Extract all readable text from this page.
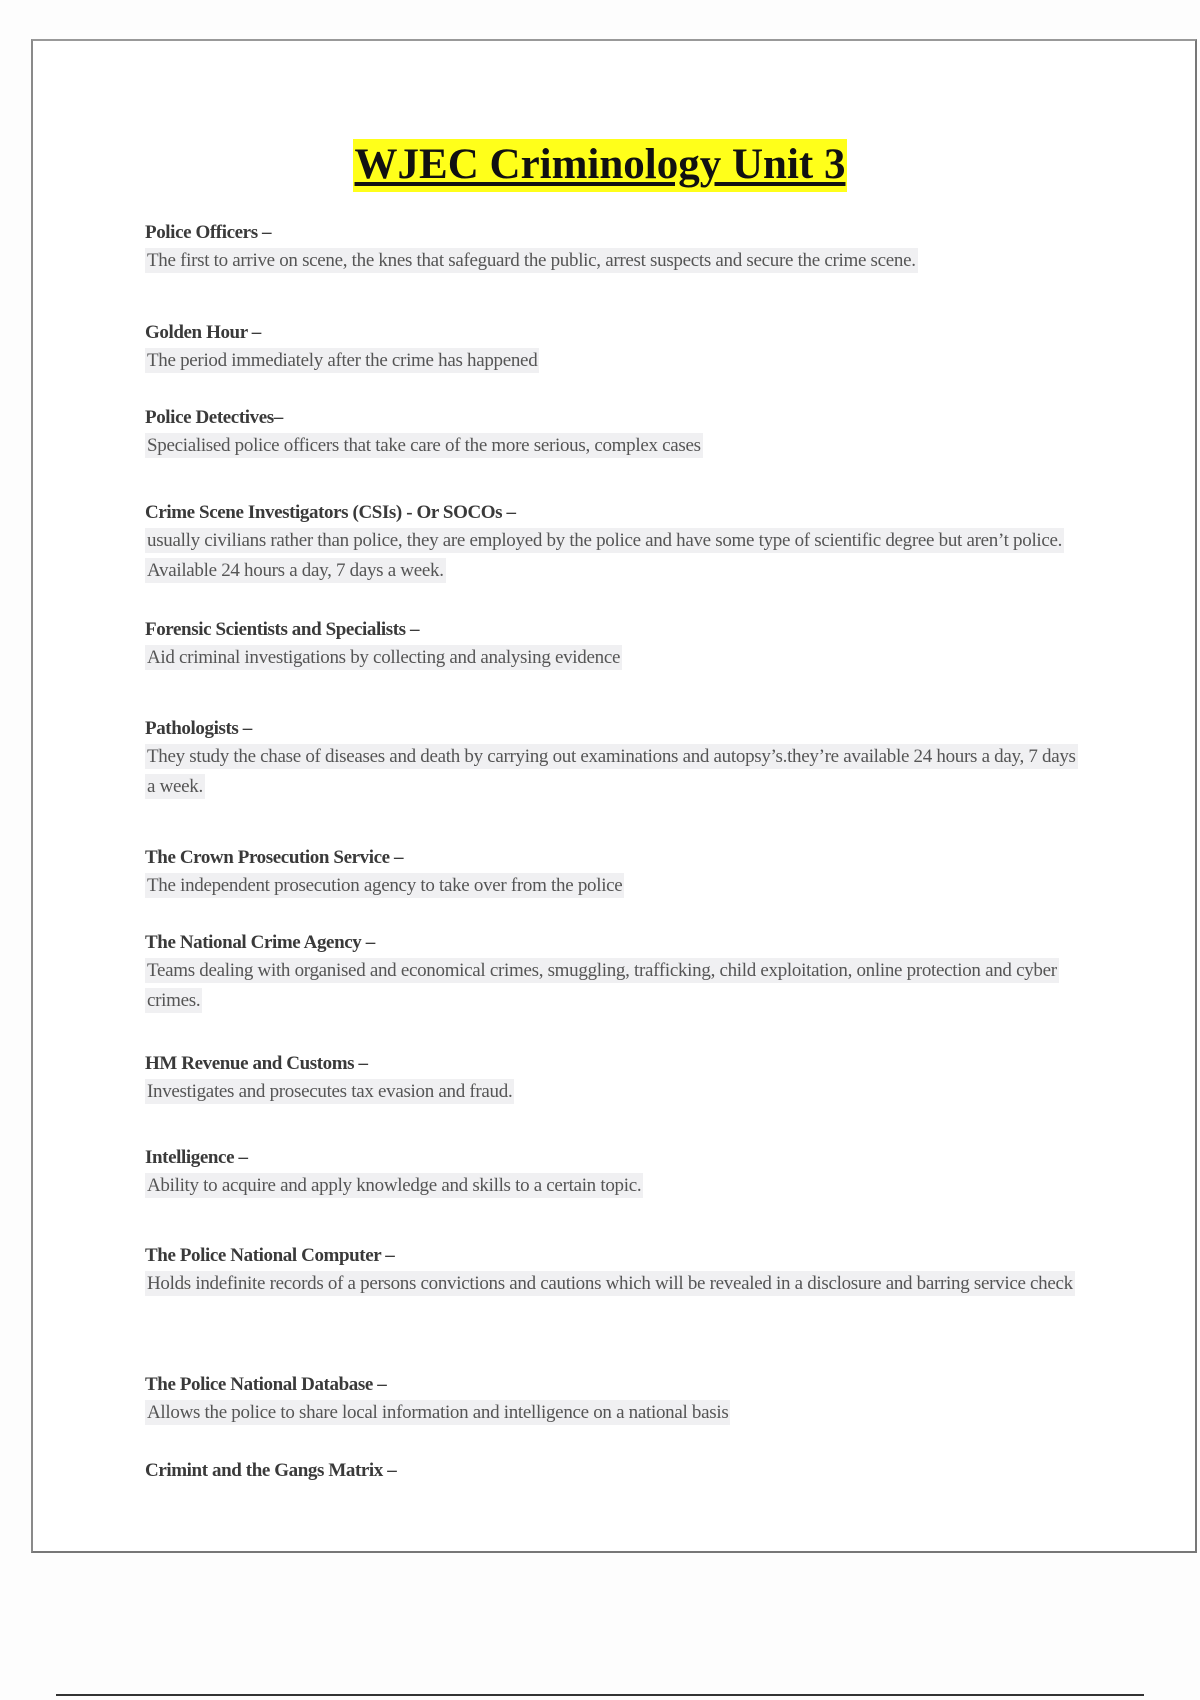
WJEC Criminology Unit 3
Police Officers –
The first to arrive on scene, the knes that safeguard the public, arrest suspects and secure the crime scene.
Golden Hour –
The period immediately after the crime has happened
Police Detectives–
Specialised police officers that take care of the more serious, complex cases
Crime Scene Investigators (CSIs) - Or SOCOs –
usually civilians rather than police, they are employed by the police and have some type of scientific degree but aren’t police. Available 24 hours a day, 7 days a week.
Forensic Scientists and Specialists –
Aid criminal investigations by collecting and analysing evidence
Pathologists –
They study the chase of diseases and death by carrying out examinations and autopsy’s.they’re available 24 hours a day, 7 days a week.
The Crown Prosecution Service –
The independent prosecution agency to take over from the police
The National Crime Agency –
Teams dealing with organised and economical crimes, smuggling, trafficking, child exploitation, online protection and cyber crimes.
HM Revenue and Customs –
Investigates and prosecutes tax evasion and fraud.
Intelligence –
Ability to acquire and apply knowledge and skills to a certain topic.
The Police National Computer –
Holds indefinite records of a persons convictions and cautions which will be revealed in a disclosure and barring service check
The Police National Database –
Allows the police to share local information and intelligence on a national basis
Crimint and the Gangs Matrix –
